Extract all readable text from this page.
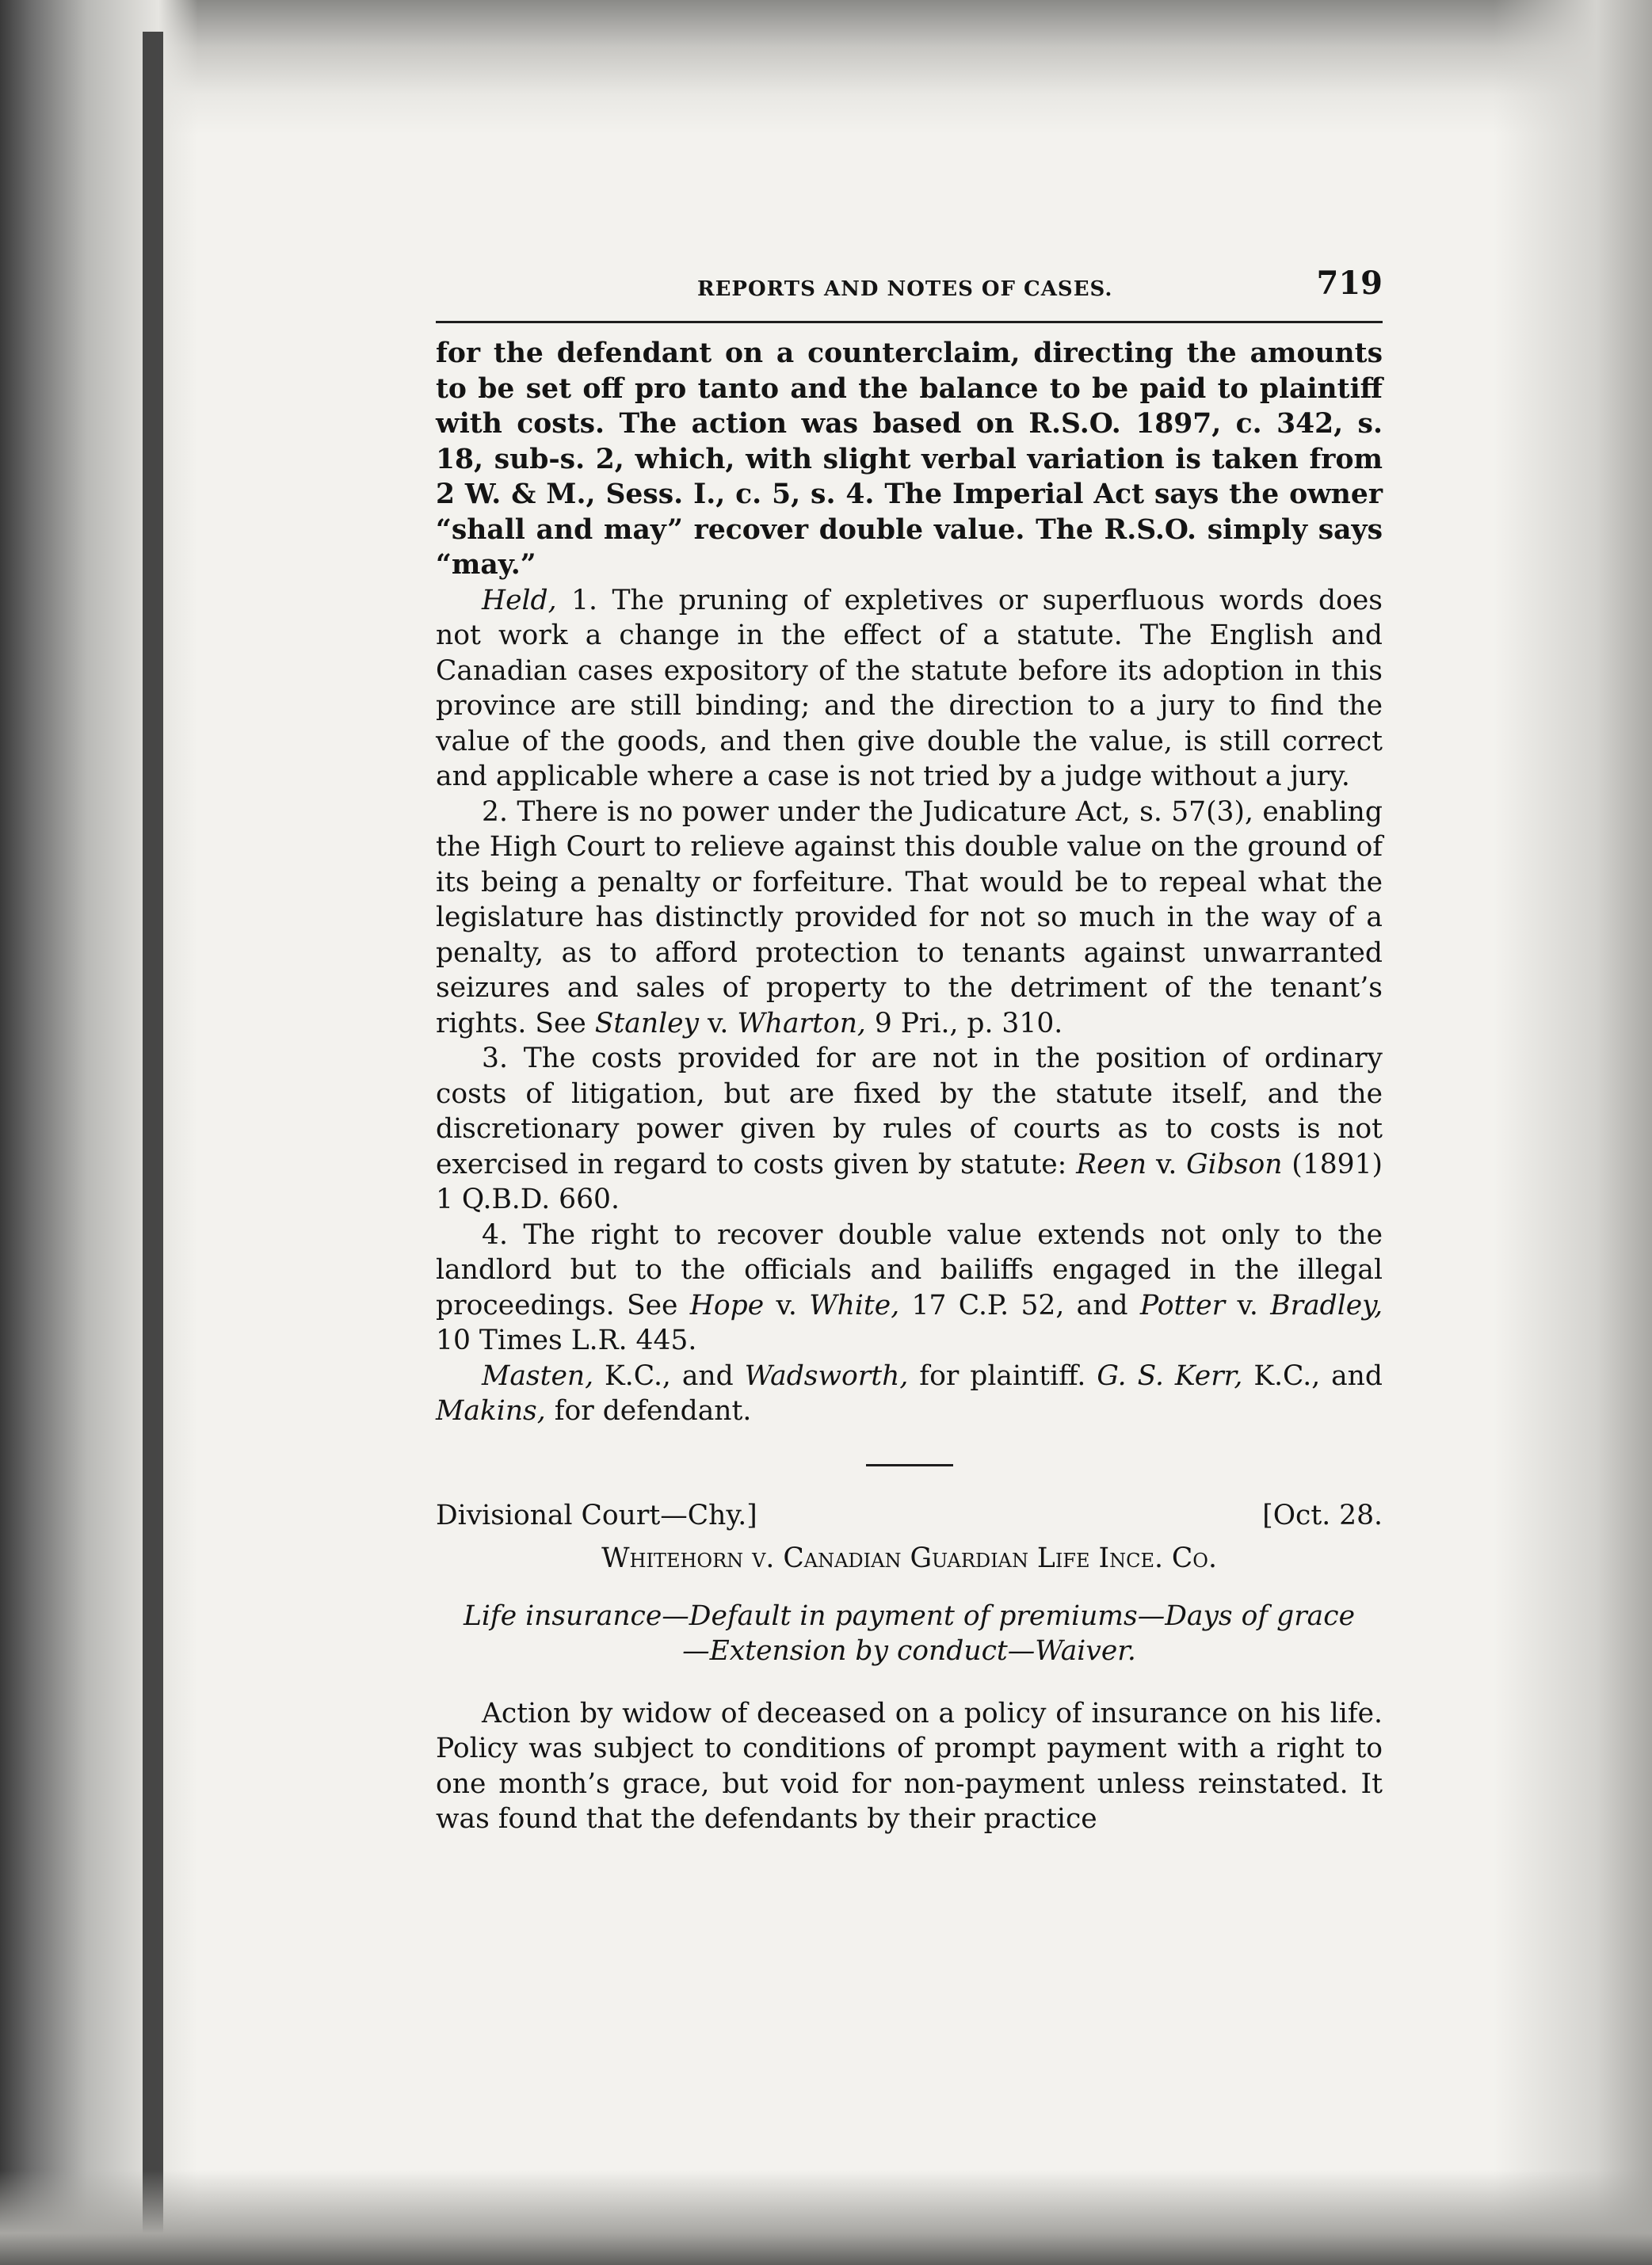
REPORTS AND NOTES OF CASES.	719

for the defendant on a counterclaim, directing the amounts to be set off pro tanto and the balance to be paid to plaintiff with costs. The action was based on R.S.O. 1897, c. 342, s. 18, sub-s. 2, which, with slight verbal variation is taken from 2 W. & M., Sess. I., c. 5, s. 4. The Imperial Act says the owner “shall and may” recover double value. The R.S.O. simply says “may.”

Held, 1. The pruning of expletives or superfluous words does not work a change in the effect of a statute. The English and Canadian cases expository of the statute before its adoption in this province are still binding; and the direction to a jury to find the value of the goods, and then give double the value, is still correct and applicable where a case is not tried by a judge without a jury.

2. There is no power under the Judicature Act, s. 57(3), enabling the High Court to relieve against this double value on the ground of its being a penalty or forfeiture. That would be to repeal what the legislature has distinctly provided for not so much in the way of a penalty, as to afford protection to tenants against unwarranted seizures and sales of property to the detriment of the tenant’s rights. See Stanley v. Wharton, 9 Pri., p. 310.

3. The costs provided for are not in the position of ordinary costs of litigation, but are fixed by the statute itself, and the discretionary power given by rules of courts as to costs is not exercised in regard to costs given by statute: Reen v. Gibson (1891) 1 Q.B.D. 660.

4. The right to recover double value extends not only to the landlord but to the officials and bailiffs engaged in the illegal proceedings. See Hope v. White, 17 C.P. 52, and Potter v. Bradley, 10 Times L.R. 445.

Masten, K.C., and Wadsworth, for plaintiff. G. S. Kerr, K.C., and Makins, for defendant.

Divisional Court—Chy.]	[Oct. 28.
Whitehorn v. Canadian Guardian Life Ince. Co.
Life insurance—Default in payment of premiums—Days of grace
—Extension by conduct—Waiver.

Action by widow of deceased on a policy of insurance on his life. Policy was subject to conditions of prompt payment with a right to one month’s grace, but void for non-payment unless reinstated. It was found that the defendants by their practice
